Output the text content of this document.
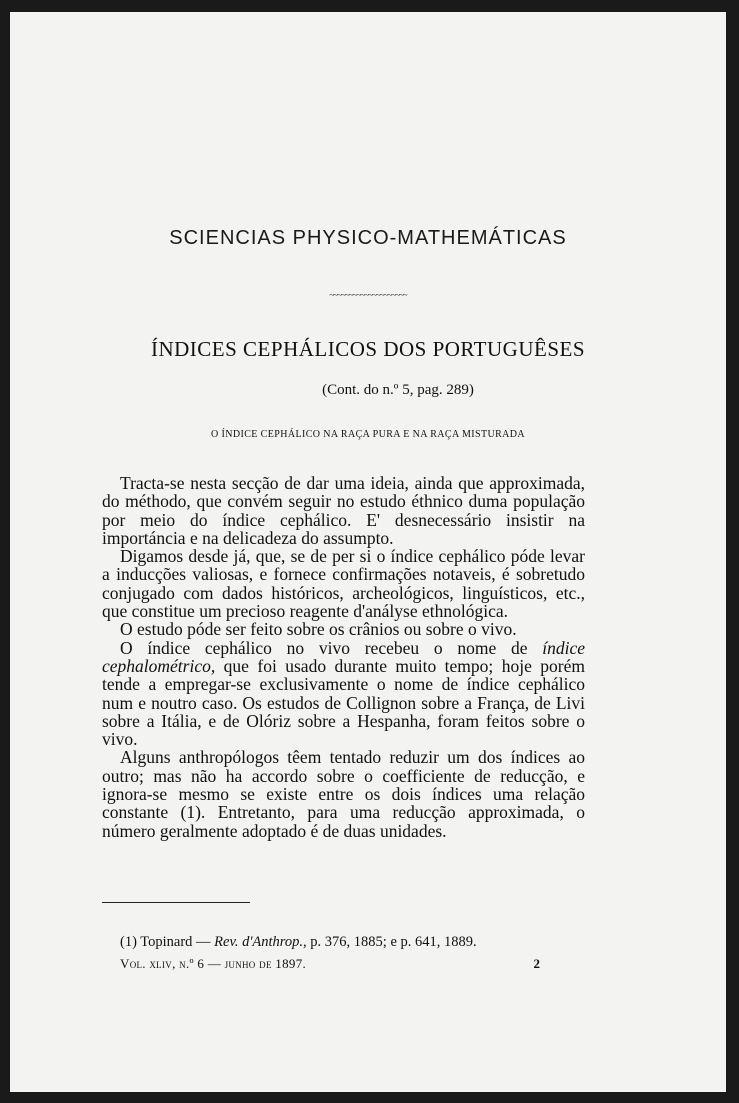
SCIENCIAS PHYSICO-MATHEMÁTICAS
~~~~~~~~~~~~~~~~~~~~
ÍNDICES CEPHÁLICOS DOS PORTUGUÊSES
(Cont. do n.º 5, pag. 289)
O ÍNDICE CEPHÁLICO NA RAÇA PURA E NA RAÇA MISTURADA

Tracta-se nesta secção de dar uma ideia, ainda que approximada, do méthodo, que convém seguir no estudo éthnico duma população por meio do índice cephálico. E' desnecessário insistir na importáncia e na delicadeza do assumpto.

Digamos desde já, que, se de per si o índice cephálico póde levar a inducções valiosas, e fornece confirmações notaveis, é sobretudo conjugado com dados históricos, archeológicos, linguísticos, etc., que constitue um precioso reagente d'anályse ethnológica.

O estudo póde ser feito sobre os crânios ou sobre o vivo.

O índice cephálico no vivo recebeu o nome de índice cephalométrico, que foi usado durante muito tempo; hoje porém tende a empregar-se exclusivamente o nome de índice cephálico num e noutro caso. Os estudos de Collignon sobre a França, de Livi sobre a Itália, e de Olóriz sobre a Hespanha, foram feitos sobre o vivo.

Alguns anthropólogos têem tentado reduzir um dos índices ao outro; mas não ha accordo sobre o coefficiente de reducção, e ignora-se mesmo se existe entre os dois índices uma relação constante (1). Entretanto, para uma reducção approximada, o número geralmente adoptado é de duas unidades.

(1) Topinard — Rev. d'Anthrop., p. 376, 1885; e p. 641, 1889.
Vol. xliv, n.º 6 — junho de 1897.	2
